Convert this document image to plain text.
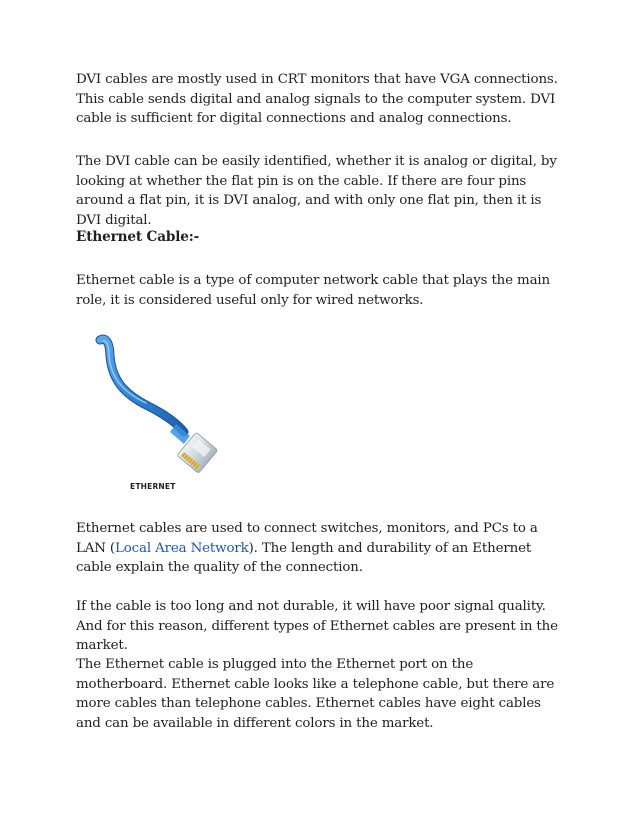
DVI cables are mostly used in CRT monitors that have VGA connections. This cable sends digital and analog signals to the computer system. DVI cable is sufficient for digital connections and analog connections.

The DVI cable can be easily identified, whether it is analog or digital, by looking at whether the flat pin is on the cable. If there are four pins around a flat pin, it is DVI analog, and with only one flat pin, then it is DVI digital.

Ethernet Cable:-

Ethernet cable is a type of computer network cable that plays the main role, it is considered useful only for wired networks.

ETHERNET

Ethernet cables are used to connect switches, monitors, and PCs to a LAN (Local Area Network). The length and durability of an Ethernet cable explain the quality of the connection.

If the cable is too long and not durable, it will have poor signal quality. And for this reason, different types of Ethernet cables are present in the market.

The Ethernet cable is plugged into the Ethernet port on the motherboard. Ethernet cable looks like a telephone cable, but there are more cables than telephone cables. Ethernet cables have eight cables and can be available in different colors in the market.
